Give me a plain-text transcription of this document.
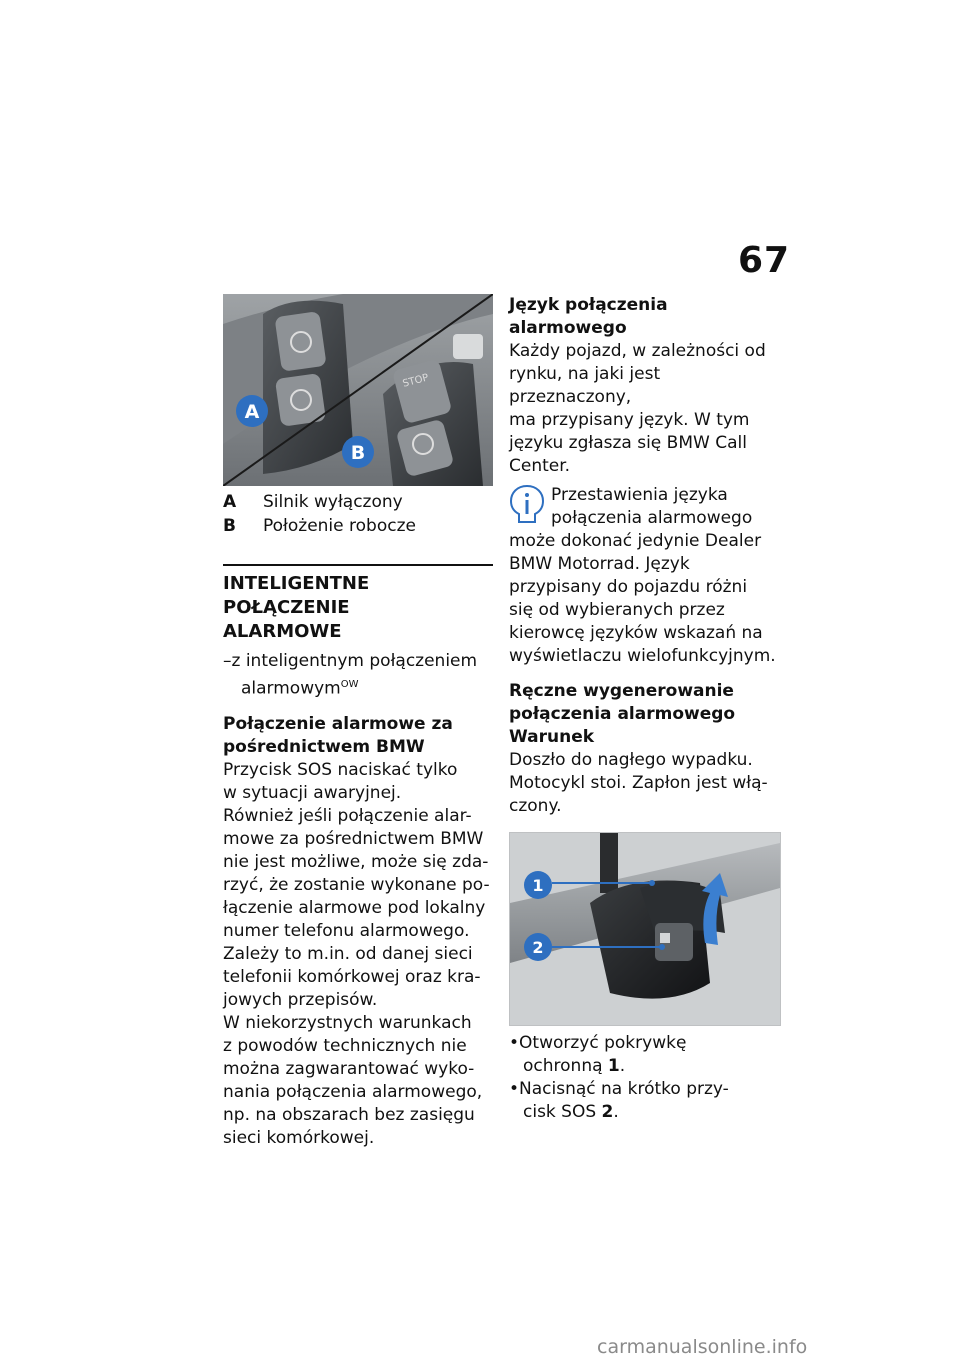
67
STOP
A
B
A	Silnik wyłączony
B	Położenie robocze

INTELIGENTNE POŁĄCZENIE
ALARMOWE

–z inteligentnym połączeniem
alarmowym$^{OW}$

Połączenie alarmowe za
pośrednictwem BMW

Przycisk SOS naciskać tylko

w sytuacji awaryjnej.

Również jeśli połączenie alar-

mowe za pośrednictwem BMW

nie jest możliwe, może się zda-

rzyć, że zostanie wykonane po-

łączenie alarmowe pod lokalny

numer telefonu alarmowego.

Zależy to m.in. od danej sieci

telefonii komórkowej oraz kra-

jowych przepisów.

W niekorzystnych warunkach

z powodów technicznych nie

można zagwarantować wyko-

nania połączenia alarmowego,

np. na obszarach bez zasięgu

sieci komórkowej.

Język połączenia alarmowego

Każdy pojazd, w zależności od

rynku, na jaki jest przeznaczony,

ma przypisany język. W tym

języku zgłasza się BMW Call

Center.

Przestawienia języka

połączenia alarmowego

może dokonać jedynie Dealer

BMW Motorrad. Język

przypisany do pojazdu różni

się od wybieranych przez

kierowcę języków wskazań na

wyświetlaczu wielofunkcyjnym.

Ręczne wygenerowanie
połączenia alarmowego

Warunek

Doszło do nagłego wypadku.

Motocykl stoi. Zapłon jest włą-

czony.

1
2

•Otworzyć pokrywkę
ochronną 1.

•Nacisnąć na krótko przy-
cisk SOS 2.

carmanualsonline.info
